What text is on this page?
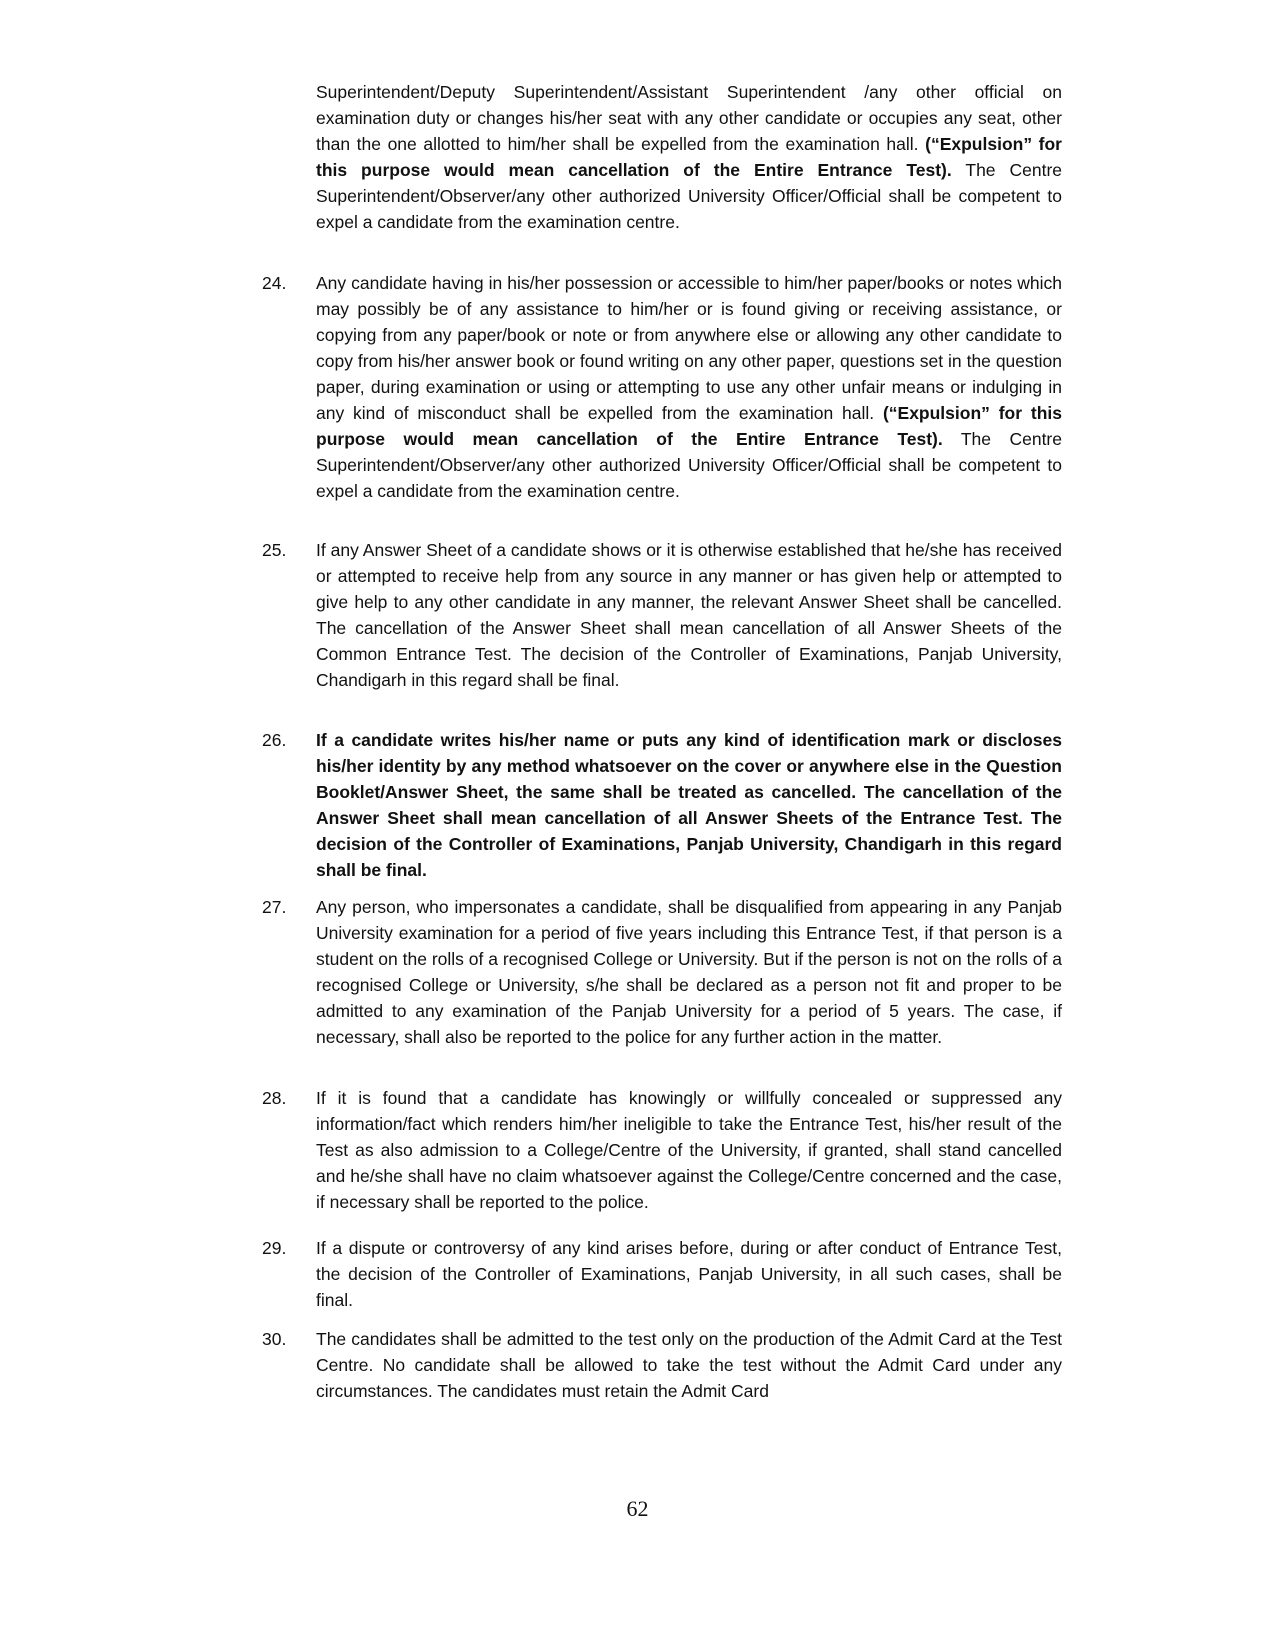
Superintendent/Deputy Superintendent/Assistant Superintendent /any other official on examination duty or changes his/her seat with any other candidate or occupies any seat, other than the one allotted to him/her shall be expelled from the examination hall. (“Expulsion” for this purpose would mean cancellation of the Entire Entrance Test). The Centre Superintendent/Observer/any other authorized University Officer/Official shall be competent to expel a candidate from the examination centre.
24.	Any candidate having in his/her possession or accessible to him/her paper/books or notes which may possibly be of any assistance to him/her or is found giving or receiving assistance, or copying from any paper/book or note or from anywhere else or allowing any other candidate to copy from his/her answer book or found writing on any other paper, questions set in the question paper, during examination or using or attempting to use any other unfair means or indulging in any kind of misconduct shall be expelled from the examination hall. (“Expulsion” for this purpose would mean cancellation of the Entire Entrance Test). The Centre Superintendent/Observer/any other authorized University Officer/Official shall be competent to expel a candidate from the examination centre.
25.	If any Answer Sheet of a candidate shows or it is otherwise established that he/she has received or attempted to receive help from any source in any manner or has given help or attempted to give help to any other candidate in any manner, the relevant Answer Sheet shall be cancelled. The cancellation of the Answer Sheet shall mean cancellation of all Answer Sheets of the Common Entrance Test. The decision of the Controller of Examinations, Panjab University, Chandigarh in this regard shall be final.
26.	If a candidate writes his/her name or puts any kind of identification mark or discloses his/her identity by any method whatsoever on the cover or anywhere else in the Question Booklet/Answer Sheet, the same shall be treated as cancelled. The cancellation of the Answer Sheet shall mean cancellation of all Answer Sheets of the Entrance Test. The decision of the Controller of Examinations, Panjab University, Chandigarh in this regard shall be final.
27.	Any person, who impersonates a candidate, shall be disqualified from appearing in any Panjab University examination for a period of five years including this Entrance Test, if that person is a student on the rolls of a recognised College or University. But if the person is not on the rolls of a recognised College or University, s/he shall be declared as a person not fit and proper to be admitted to any examination of the Panjab University for a period of 5 years. The case, if necessary, shall also be reported to the police for any further action in the matter.
28.	If it is found that a candidate has knowingly or willfully concealed or suppressed any information/fact which renders him/her ineligible to take the Entrance Test, his/her result of the Test as also admission to a College/Centre of the University, if granted, shall stand cancelled and he/she shall have no claim whatsoever against the College/Centre concerned and the case, if necessary shall be reported to the police.
29.	If a dispute or controversy of any kind arises before, during or after conduct of Entrance Test, the decision of the Controller of Examinations, Panjab University, in all such cases, shall be final.
30.	The candidates shall be admitted to the test only on the production of the Admit Card at the Test Centre. No candidate shall be allowed to take the test without the Admit Card under any circumstances. The candidates must retain the Admit Card
62
